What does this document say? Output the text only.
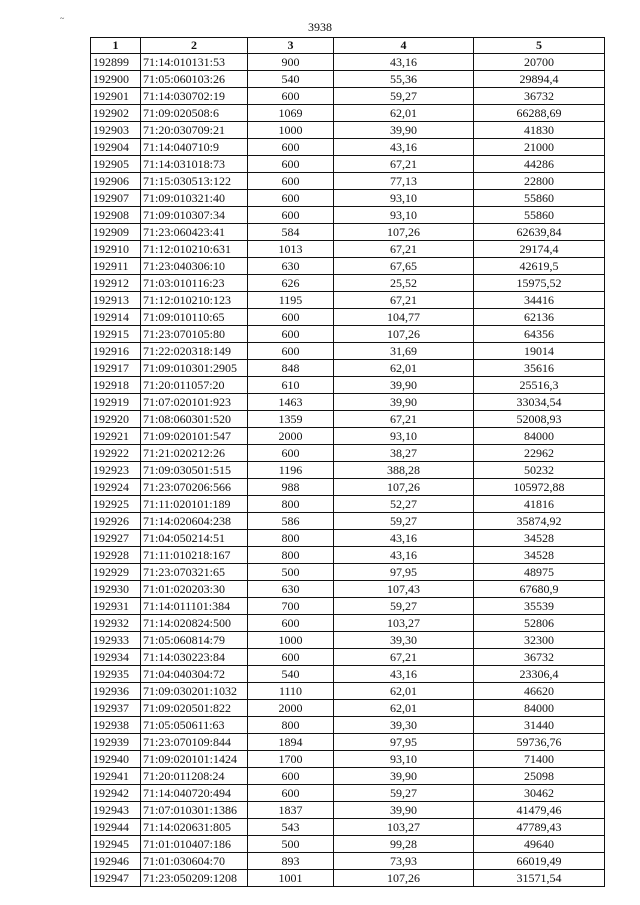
~
3938
1	2	3	4	5
192899	71:14:010131:53	900	43,16	20700
192900	71:05:060103:26	540	55,36	29894,4
192901	71:14:030702:19	600	59,27	36732
192902	71:09:020508:6	1069	62,01	66288,69
192903	71:20:030709:21	1000	39,90	41830
192904	71:14:040710:9	600	43,16	21000
192905	71:14:031018:73	600	67,21	44286
192906	71:15:030513:122	600	77,13	22800
192907	71:09:010321:40	600	93,10	55860
192908	71:09:010307:34	600	93,10	55860
192909	71:23:060423:41	584	107,26	62639,84
192910	71:12:010210:631	1013	67,21	29174,4
192911	71:23:040306:10	630	67,65	42619,5
192912	71:03:010116:23	626	25,52	15975,52
192913	71:12:010210:123	1195	67,21	34416
192914	71:09:010110:65	600	104,77	62136
192915	71:23:070105:80	600	107,26	64356
192916	71:22:020318:149	600	31,69	19014
192917	71:09:010301:2905	848	62,01	35616
192918	71:20:011057:20	610	39,90	25516,3
192919	71:07:020101:923	1463	39,90	33034,54
192920	71:08:060301:520	1359	67,21	52008,93
192921	71:09:020101:547	2000	93,10	84000
192922	71:21:020212:26	600	38,27	22962
192923	71:09:030501:515	1196	388,28	50232
192924	71:23:070206:566	988	107,26	105972,88
192925	71:11:020101:189	800	52,27	41816
192926	71:14:020604:238	586	59,27	35874,92
192927	71:04:050214:51	800	43,16	34528
192928	71:11:010218:167	800	43,16	34528
192929	71:23:070321:65	500	97,95	48975
192930	71:01:020203:30	630	107,43	67680,9
192931	71:14:011101:384	700	59,27	35539
192932	71:14:020824:500	600	103,27	52806
192933	71:05:060814:79	1000	39,30	32300
192934	71:14:030223:84	600	67,21	36732
192935	71:04:040304:72	540	43,16	23306,4
192936	71:09:030201:1032	1110	62,01	46620
192937	71:09:020501:822	2000	62,01	84000
192938	71:05:050611:63	800	39,30	31440
192939	71:23:070109:844	1894	97,95	59736,76
192940	71:09:020101:1424	1700	93,10	71400
192941	71:20:011208:24	600	39,90	25098
192942	71:14:040720:494	600	59,27	30462
192943	71:07:010301:1386	1837	39,90	41479,46
192944	71:14:020631:805	543	103,27	47789,43
192945	71:01:010407:186	500	99,28	49640
192946	71:01:030604:70	893	73,93	66019,49
192947	71:23:050209:1208	1001	107,26	31571,54
